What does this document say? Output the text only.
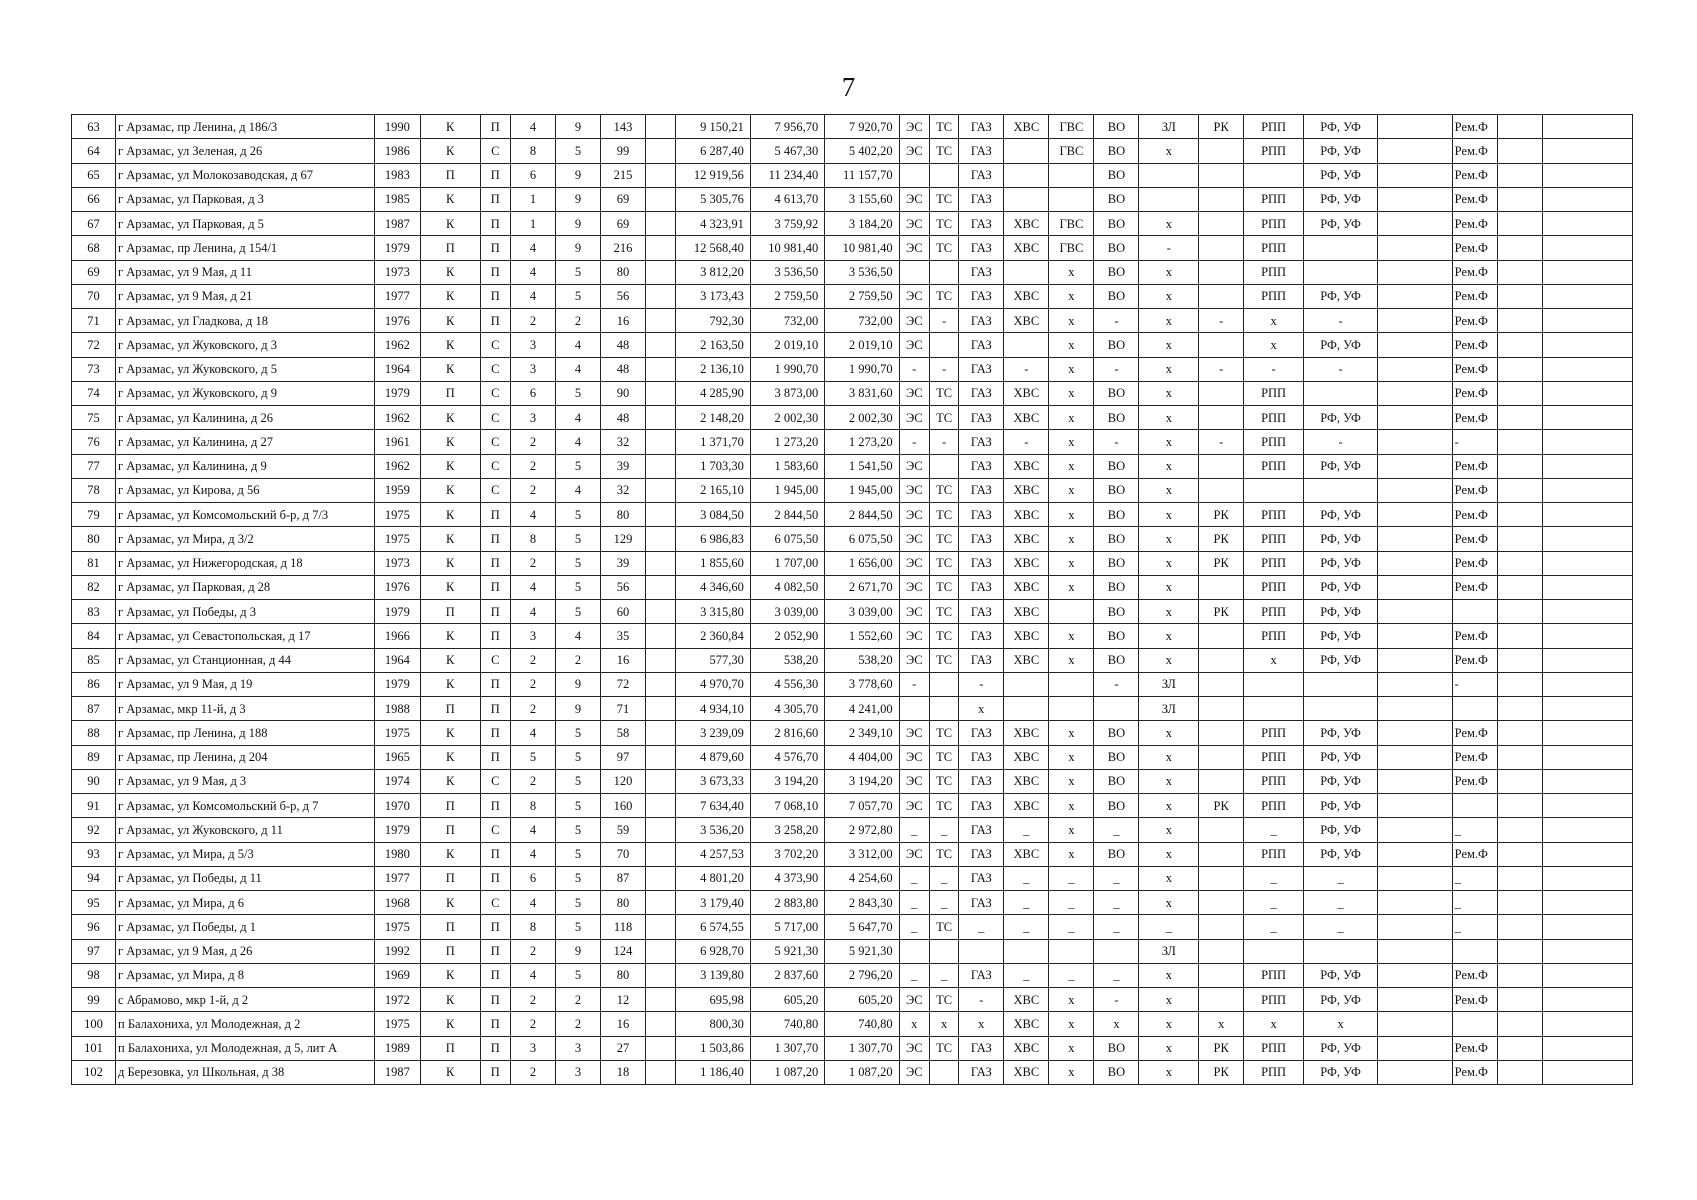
7
63	г Арзамас, пр Ленина, д 186/3	1990	К	П	4	9	143		9 150,21	7 956,70	7 920,70	ЭС	ТС	ГАЗ	ХВС	ГВС	ВО	ЗЛ	РК	РПП	РФ, УФ		Рем.Ф		
64	г Арзамас, ул Зеленая, д 26	1986	К	С	8	5	99		6 287,40	5 467,30	5 402,20	ЭС	ТС	ГАЗ		ГВС	ВО	х		РПП	РФ, УФ		Рем.Ф		
65	г Арзамас, ул Молокозаводская, д 67	1983	П	П	6	9	215		12 919,56	11 234,40	11 157,70			ГАЗ			ВО				РФ, УФ		Рем.Ф		
66	г Арзамас, ул Парковая, д 3	1985	К	П	1	9	69		5 305,76	4 613,70	3 155,60	ЭС	ТС	ГАЗ			ВО			РПП	РФ, УФ		Рем.Ф		
67	г Арзамас, ул Парковая, д 5	1987	К	П	1	9	69		4 323,91	3 759,92	3 184,20	ЭС	ТС	ГАЗ	ХВС	ГВС	ВО	х		РПП	РФ, УФ		Рем.Ф		
68	г Арзамас, пр Ленина, д 154/1	1979	П	П	4	9	216		12 568,40	10 981,40	10 981,40	ЭС	ТС	ГАЗ	ХВС	ГВС	ВО	-		РПП			Рем.Ф		
69	г Арзамас, ул 9 Мая, д 11	1973	К	П	4	5	80		3 812,20	3 536,50	3 536,50			ГАЗ		х	ВО	х		РПП			Рем.Ф		
70	г Арзамас, ул 9 Мая, д 21	1977	К	П	4	5	56		3 173,43	2 759,50	2 759,50	ЭС	ТС	ГАЗ	ХВС	х	ВО	х		РПП	РФ, УФ		Рем.Ф		
71	г Арзамас, ул Гладкова, д 18	1976	К	П	2	2	16		792,30	732,00	732,00	ЭС	-	ГАЗ	ХВС	х	-	х	-	х	-		Рем.Ф		
72	г Арзамас, ул Жуковского, д 3	1962	К	С	3	4	48		2 163,50	2 019,10	2 019,10	ЭС		ГАЗ		х	ВО	х		х	РФ, УФ		Рем.Ф		
73	г Арзамас, ул Жуковского, д 5	1964	К	С	3	4	48		2 136,10	1 990,70	1 990,70	-	-	ГАЗ	-	х	-	х	-	-	-		Рем.Ф		
74	г Арзамас, ул Жуковского, д 9	1979	П	С	6	5	90		4 285,90	3 873,00	3 831,60	ЭС	ТС	ГАЗ	ХВС	х	ВО	х		РПП			Рем.Ф		
75	г Арзамас, ул Калинина, д 26	1962	К	С	3	4	48		2 148,20	2 002,30	2 002,30	ЭС	ТС	ГАЗ	ХВС	х	ВО	х		РПП	РФ, УФ		Рем.Ф		
76	г Арзамас, ул Калинина, д 27	1961	К	С	2	4	32		1 371,70	1 273,20	1 273,20	-	-	ГАЗ	-	х	-	х	-	РПП	-		-		
77	г Арзамас, ул Калинина, д 9	1962	К	С	2	5	39		1 703,30	1 583,60	1 541,50	ЭС		ГАЗ	ХВС	х	ВО	х		РПП	РФ, УФ		Рем.Ф		
78	г Арзамас, ул Кирова, д 56	1959	К	С	2	4	32		2 165,10	1 945,00	1 945,00	ЭС	ТС	ГАЗ	ХВС	х	ВО	х					Рем.Ф		
79	г Арзамас, ул Комсомольский б-р, д 7/3	1975	К	П	4	5	80		3 084,50	2 844,50	2 844,50	ЭС	ТС	ГАЗ	ХВС	х	ВО	х	РК	РПП	РФ, УФ		Рем.Ф		
80	г Арзамас, ул Мира, д 3/2	1975	К	П	8	5	129		6 986,83	6 075,50	6 075,50	ЭС	ТС	ГАЗ	ХВС	х	ВО	х	РК	РПП	РФ, УФ		Рем.Ф		
81	г Арзамас, ул Нижегородская, д 18	1973	К	П	2	5	39		1 855,60	1 707,00	1 656,00	ЭС	ТС	ГАЗ	ХВС	х	ВО	х	РК	РПП	РФ, УФ		Рем.Ф		
82	г Арзамас, ул Парковая, д 28	1976	К	П	4	5	56		4 346,60	4 082,50	2 671,70	ЭС	ТС	ГАЗ	ХВС	х	ВО	х		РПП	РФ, УФ		Рем.Ф		
83	г Арзамас, ул Победы, д 3	1979	П	П	4	5	60		3 315,80	3 039,00	3 039,00	ЭС	ТС	ГАЗ	ХВС		ВО	х	РК	РПП	РФ, УФ				
84	г Арзамас, ул Севастопольская, д 17	1966	К	П	3	4	35		2 360,84	2 052,90	1 552,60	ЭС	ТС	ГАЗ	ХВС	х	ВО	х		РПП	РФ, УФ		Рем.Ф		
85	г Арзамас, ул Станционная, д 44	1964	К	С	2	2	16		577,30	538,20	538,20	ЭС	ТС	ГАЗ	ХВС	х	ВО	х		х	РФ, УФ		Рем.Ф		
86	г Арзамас, ул 9 Мая, д 19	1979	К	П	2	9	72		4 970,70	4 556,30	3 778,60	-		-			-	ЗЛ					-		
87	г Арзамас, мкр 11-й, д 3	1988	П	П	2	9	71		4 934,10	4 305,70	4 241,00			х				ЗЛ							
88	г Арзамас, пр Ленина, д 188	1975	К	П	4	5	58		3 239,09	2 816,60	2 349,10	ЭС	ТС	ГАЗ	ХВС	х	ВО	х		РПП	РФ, УФ		Рем.Ф		
89	г Арзамас, пр Ленина, д 204	1965	К	П	5	5	97		4 879,60	4 576,70	4 404,00	ЭС	ТС	ГАЗ	ХВС	х	ВО	х		РПП	РФ, УФ		Рем.Ф		
90	г Арзамас, ул 9 Мая, д 3	1974	К	С	2	5	120		3 673,33	3 194,20	3 194,20	ЭС	ТС	ГАЗ	ХВС	х	ВО	х		РПП	РФ, УФ		Рем.Ф		
91	г Арзамас, ул Комсомольский б-р, д 7	1970	П	П	8	5	160		7 634,40	7 068,10	7 057,70	ЭС	ТС	ГАЗ	ХВС	х	ВО	х	РК	РПП	РФ, УФ				
92	г Арзамас, ул Жуковского, д 11	1979	П	С	4	5	59		3 536,20	3 258,20	2 972,80	_	_	ГАЗ	_	х	_	х		_	РФ, УФ		_		
93	г Арзамас, ул Мира, д 5/3	1980	К	П	4	5	70		4 257,53	3 702,20	3 312,00	ЭС	ТС	ГАЗ	ХВС	х	ВО	х		РПП	РФ, УФ		Рем.Ф		
94	г Арзамас, ул Победы, д 11	1977	П	П	6	5	87		4 801,20	4 373,90	4 254,60	_	_	ГАЗ	_	_	_	х		_	_		_		
95	г Арзамас, ул Мира, д 6	1968	К	С	4	5	80		3 179,40	2 883,80	2 843,30	_	_	ГАЗ	_	_	_	х		_	_		_		
96	г Арзамас, ул Победы, д 1	1975	П	П	8	5	118		6 574,55	5 717,00	5 647,70	_	ТС	_	_	_	_	_		_	_		_		
97	г Арзамас, ул 9 Мая, д 26	1992	П	П	2	9	124		6 928,70	5 921,30	5 921,30							ЗЛ							
98	г Арзамас, ул Мира, д 8	1969	К	П	4	5	80		3 139,80	2 837,60	2 796,20	_	_	ГАЗ	_	_	_	х		РПП	РФ, УФ		Рем.Ф		
99	с Абрамово, мкр 1-й, д 2	1972	К	П	2	2	12		695,98	605,20	605,20	ЭС	ТС	-	ХВС	х	-	х		РПП	РФ, УФ		Рем.Ф		
100	п Балахониха, ул Молодежная, д 2	1975	К	П	2	2	16		800,30	740,80	740,80	х	х	х	ХВС	х	х	х	х	х	х				
101	п Балахониха, ул Молодежная, д 5, лит А	1989	П	П	3	3	27		1 503,86	1 307,70	1 307,70	ЭС	ТС	ГАЗ	ХВС	х	ВО	х	РК	РПП	РФ, УФ		Рем.Ф		
102	д Березовка, ул Школьная, д 38	1987	К	П	2	3	18		1 186,40	1 087,20	1 087,20	ЭС		ГАЗ	ХВС	х	ВО	х	РК	РПП	РФ, УФ		Рем.Ф		
